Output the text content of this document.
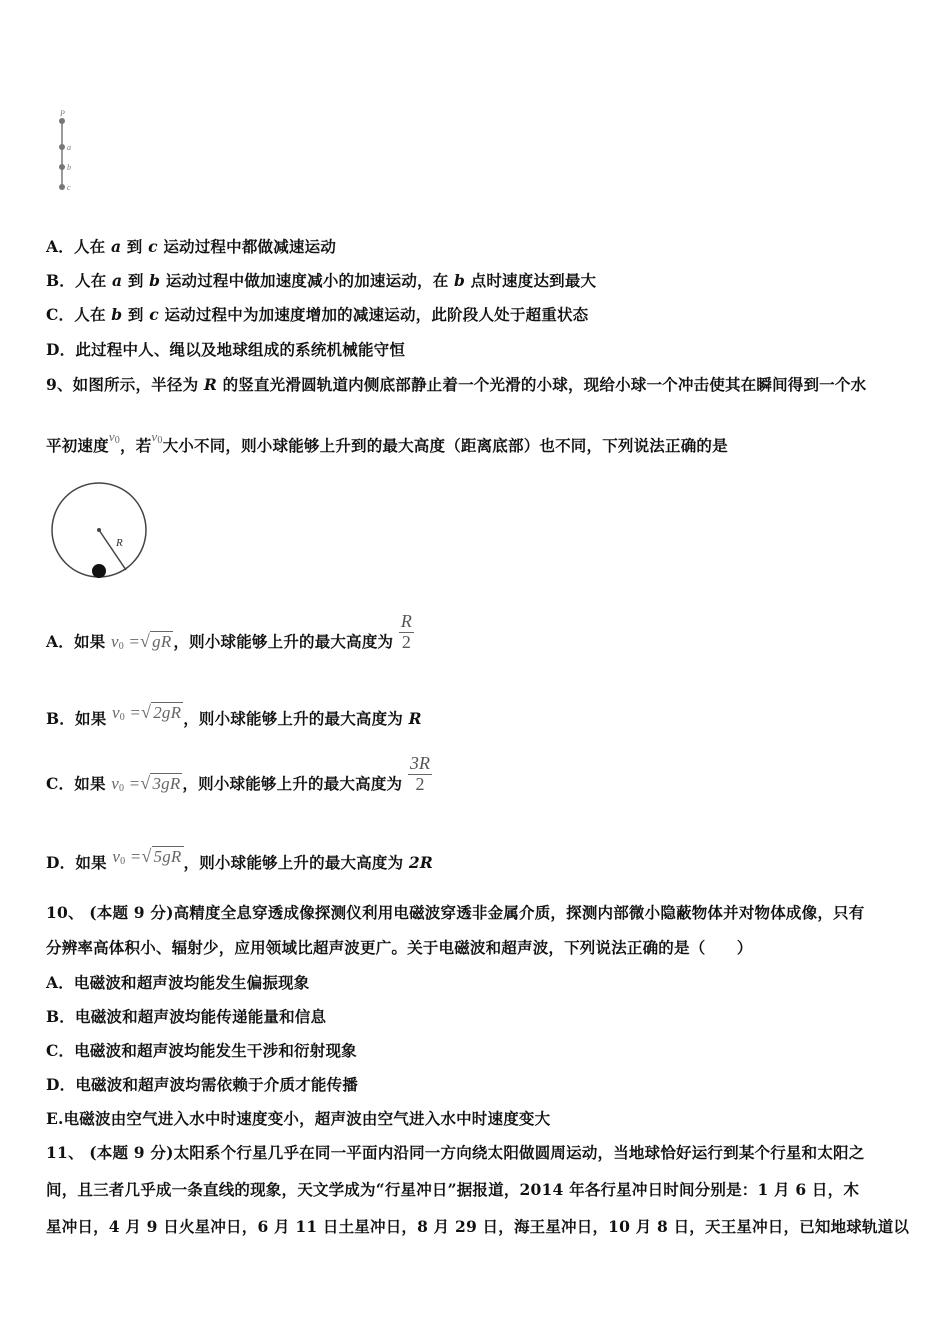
P
a
b
c
A．人在 a 到 c 运动过程中都做减速运动
B．人在 a 到 b 运动过程中做加速度减小的加速运动，在 b 点时速度达到最大
C．人在 b 到 c 运动过程中为加速度增加的减速运动，此阶段人处于超重状态
D．此过程中人、绳以及地球组成的系统机械能守恒
9、如图所示，半径为 R 的竖直光滑圆轨道内侧底部静止着一个光滑的小球，现给小球一个冲击使其在瞬间得到一个水
平初速度$^{v_0}$，若$^{v_0}$大小不同，则小球能够上升到的最大高度（距离底部）也不同，下列说法正确的是
R
A．如果 $v_0$ =√ gR ，则小球能够上升的最大高度为 $\frac{R}{2}$
B．如果 $v_0$ =√ 2gR ，则小球能够上升的最大高度为 R
C．如果 $v_0$ =√ 3gR ，则小球能够上升的最大高度为 $\frac{3R}{2}$
D．如果 $v_0$ =√ 5gR ，则小球能够上升的最大高度为 2R
10、 (本题 9 分)高精度全息穿透成像探测仪利用电磁波穿透非金属介质，探测内部微小隐蔽物体并对物体成像，只有
分辨率高体积小、辐射少，应用领域比超声波更广。关于电磁波和超声波，下列说法正确的是（　　）
A．电磁波和超声波均能发生偏振现象
B．电磁波和超声波均能传递能量和信息
C．电磁波和超声波均能发生干涉和衍射现象
D．电磁波和超声波均需依赖于介质才能传播
E.电磁波由空气进入水中时速度变小，超声波由空气进入水中时速度变大
11、 (本题 9 分)太阳系个行星几乎在同一平面内沿同一方向绕太阳做圆周运动，当地球恰好运行到某个行星和太阳之
间，且三者几乎成一条直线的现象，天文学成为“行星冲日”据报道，2014 年各行星冲日时间分别是：1 月 6 日，木
星冲日，4 月 9 日火星冲日，6 月 11 日土星冲日，8 月 29 日，海王星冲日，10 月 8 日，天王星冲日，已知地球轨道以
